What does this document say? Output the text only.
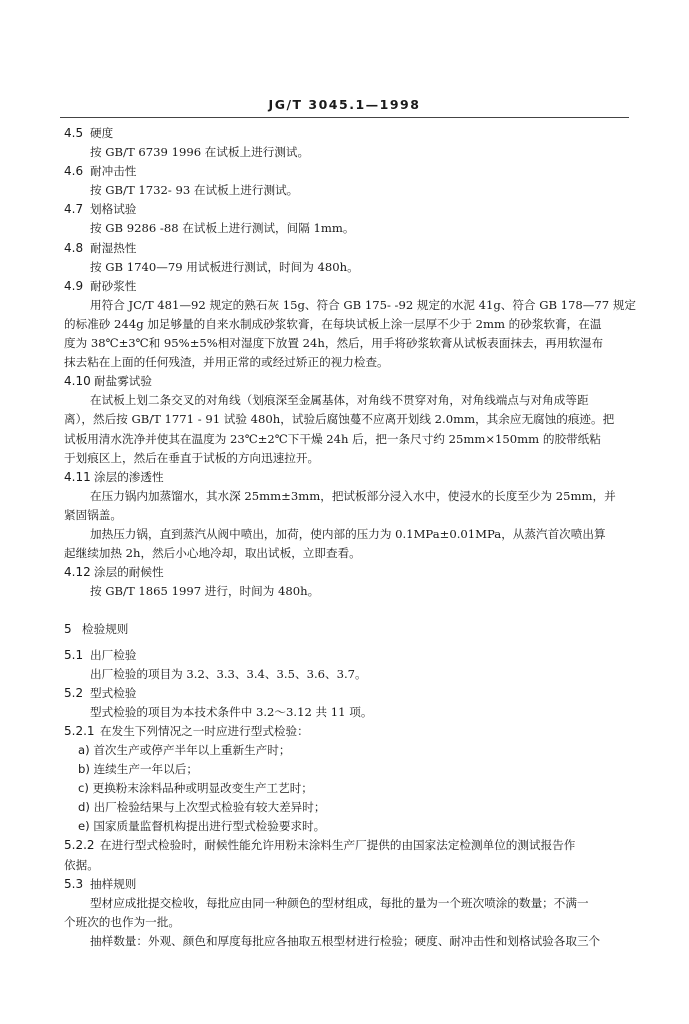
JG/T 3045.1—1998
4.5 硬度
按 GB/T 6739 1996 在试板上进行测试。
4.6 耐冲击性
按 GB/T 1732- 93 在试板上进行测试。
4.7 划格试验
按 GB 9286 -88 在试板上进行测试，间隔 1mm。
4.8 耐湿热性
按 GB 1740—79 用试板进行测试，时间为 480h。
4.9 耐砂浆性
用符合 JC/T 481—92 规定的熟石灰 15g、符合 GB 175- -92 规定的水泥 41g、符合 GB 178—77 规定
的标准砂 244g 加足够量的自来水制成砂浆软膏，在每块试板上涂一层厚不少于 2mm 的砂浆软膏，在温
度为 38℃±3℃和 95%±5%相对湿度下放置 24h，然后，用手将砂浆软膏从试板表面抹去，再用软湿布
抹去粘在上面的任何残渣，并用正常的或经过矫正的视力检查。
4.10 耐盐雾试验
在试板上划二条交叉的对角线（划痕深至金属基体，对角线不贯穿对角，对角线端点与对角成等距
离），然后按 GB/T 1771 - 91 试验 480h，试验后腐蚀蔓不应离开划线 2.0mm，其余应无腐蚀的痕迹。把
试板用清水洗净并使其在温度为 23℃±2℃下干燥 24h 后，把一条尺寸约 25mm×150mm 的胶带纸粘
于划痕区上，然后在垂直于试板的方向迅速拉开。
4.11 涂层的渗透性
在压力锅内加蒸馏水，其水深 25mm±3mm，把试板部分浸入水中，使浸水的长度至少为 25mm，并
紧固锅盖。
加热压力锅，直到蒸汽从阀中喷出，加荷，使内部的压力为 0.1MPa±0.01MPa，从蒸汽首次喷出算
起继续加热 2h，然后小心地冷却，取出试板，立即查看。
4.12 涂层的耐候性
按 GB/T 1865 1997 进行，时间为 480h。
5 检验规则
5.1 出厂检验
出厂检验的项目为 3.2、3.3、3.4、3.5、3.6、3.7。
5.2 型式检验
型式检验的项目为本技术条件中 3.2～3.12 共 11 项。
5.2.1 在发生下列情况之一时应进行型式检验：
a) 首次生产或停产半年以上重新生产时；
b) 连续生产一年以后；
c) 更换粉末涂料品种或明显改变生产工艺时；
d) 出厂检验结果与上次型式检验有较大差异时；
e) 国家质量监督机构提出进行型式检验要求时。
5.2.2 在进行型式检验时，耐候性能允许用粉末涂料生产厂提供的由国家法定检测单位的测试报告作
依据。
5.3 抽样规则
型材应成批提交检收，每批应由同一种颜色的型材组成，每批的量为一个班次喷涂的数量；不满一
个班次的也作为一批。
抽样数量：外观、颜色和厚度每批应各抽取五根型材进行检验；硬度、耐冲击性和划格试验各取三个
